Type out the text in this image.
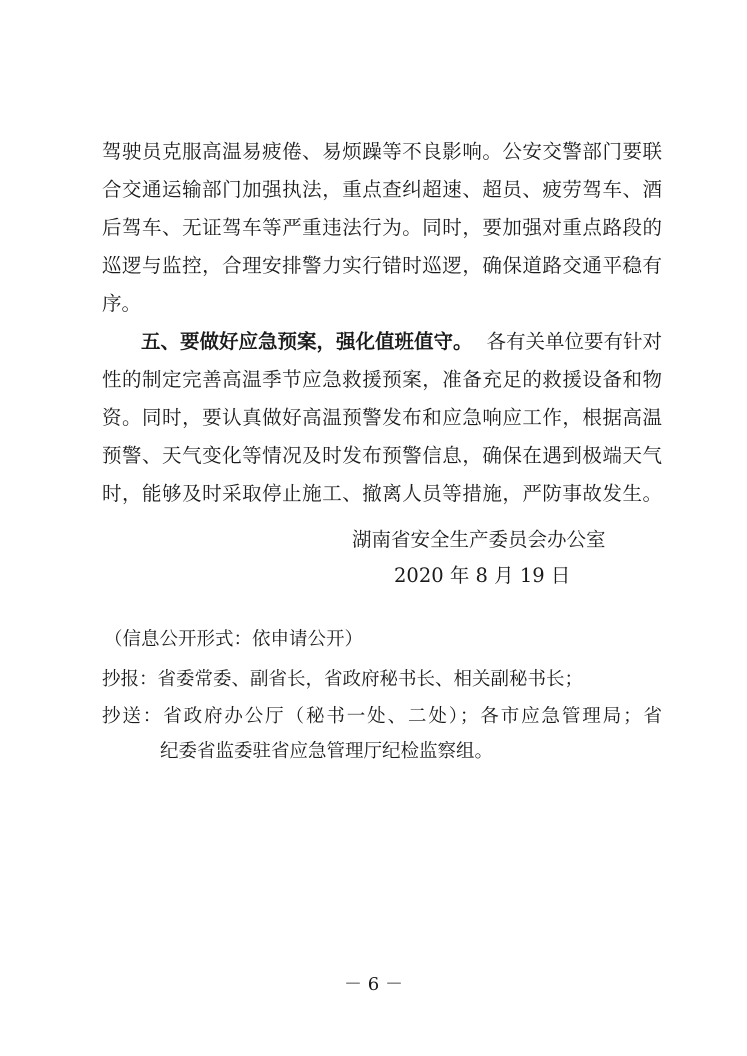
驾驶员克服高温易疲倦、易烦躁等不良影响。公安交警部门要联
合交通运输部门加强执法，重点查纠超速、超员、疲劳驾车、酒
后驾车、无证驾车等严重违法行为。同时，要加强对重点路段的
巡逻与监控，合理安排警力实行错时巡逻，确保道路交通平稳有
序。
五、要做好应急预案，强化值班值守。 各有关单位要有针对
性的制定完善高温季节应急救援预案，准备充足的救援设备和物
资。同时，要认真做好高温预警发布和应急响应工作，根据高温
预警、天气变化等情况及时发布预警信息，确保在遇到极端天气
时，能够及时采取停止施工、撤离人员等措施，严防事故发生。
湖南省安全生产委员会办公室
2020 年 8 月 19 日
（信息公开形式：依申请公开）
抄报：省委常委、副省长，省政府秘书长、相关副秘书长；
抄送：省政府办公厅（秘书一处、二处）；各市应急管理局；省
纪委省监委驻省应急管理厅纪检监察组。
－ 6 －
